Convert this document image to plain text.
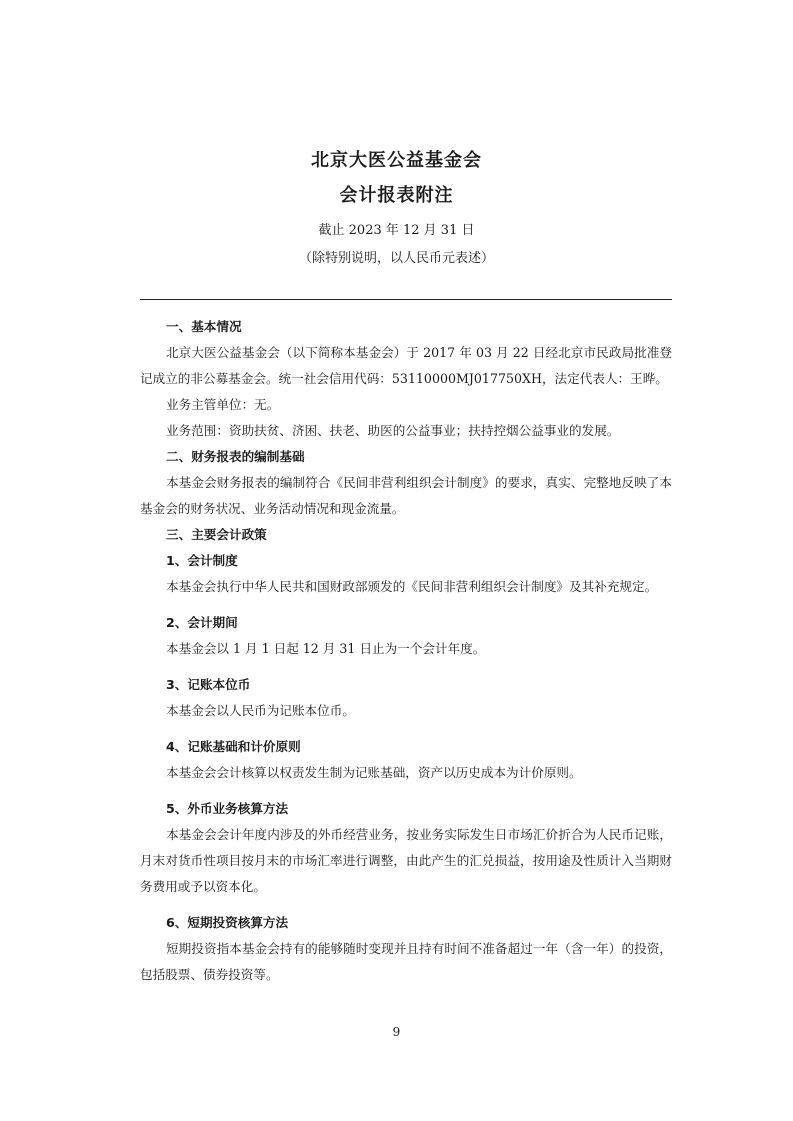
北京大医公益基金会
会计报表附注
截止 2023 年 12 月 31 日
（除特别说明，以人民币元表述）
一、基本情况
北京大医公益基金会（以下简称本基金会）于 2017 年 03 月 22 日经北京市民政局批准登记成立的非公募基金会。统一社会信用代码：53110000MJ017750XH，法定代表人：王晔。
业务主管单位：无。
业务范围：资助扶贫、济困、扶老、助医的公益事业；扶持控烟公益事业的发展。
二、财务报表的编制基础
本基金会财务报表的编制符合《民间非营利组织会计制度》的要求，真实、完整地反映了本基金会的财务状况、业务活动情况和现金流量。
三、主要会计政策
1、会计制度
本基金会执行中华人民共和国财政部颁发的《民间非营利组织会计制度》及其补充规定。
2、会计期间
本基金会以 1 月 1 日起 12 月 31 日止为一个会计年度。
3、记账本位币
本基金会以人民币为记账本位币。
4、记账基础和计价原则
本基金会会计核算以权责发生制为记账基础，资产以历史成本为计价原则。
5、外币业务核算方法
本基金会会计年度内涉及的外币经营业务，按业务实际发生日市场汇价折合为人民币记账，月末对货币性项目按月末的市场汇率进行调整，由此产生的汇兑损益，按用途及性质计入当期财务费用或予以资本化。
6、短期投资核算方法
短期投资指本基金会持有的能够随时变现并且持有时间不准备超过一年（含一年）的投资，包括股票、债券投资等。
9
